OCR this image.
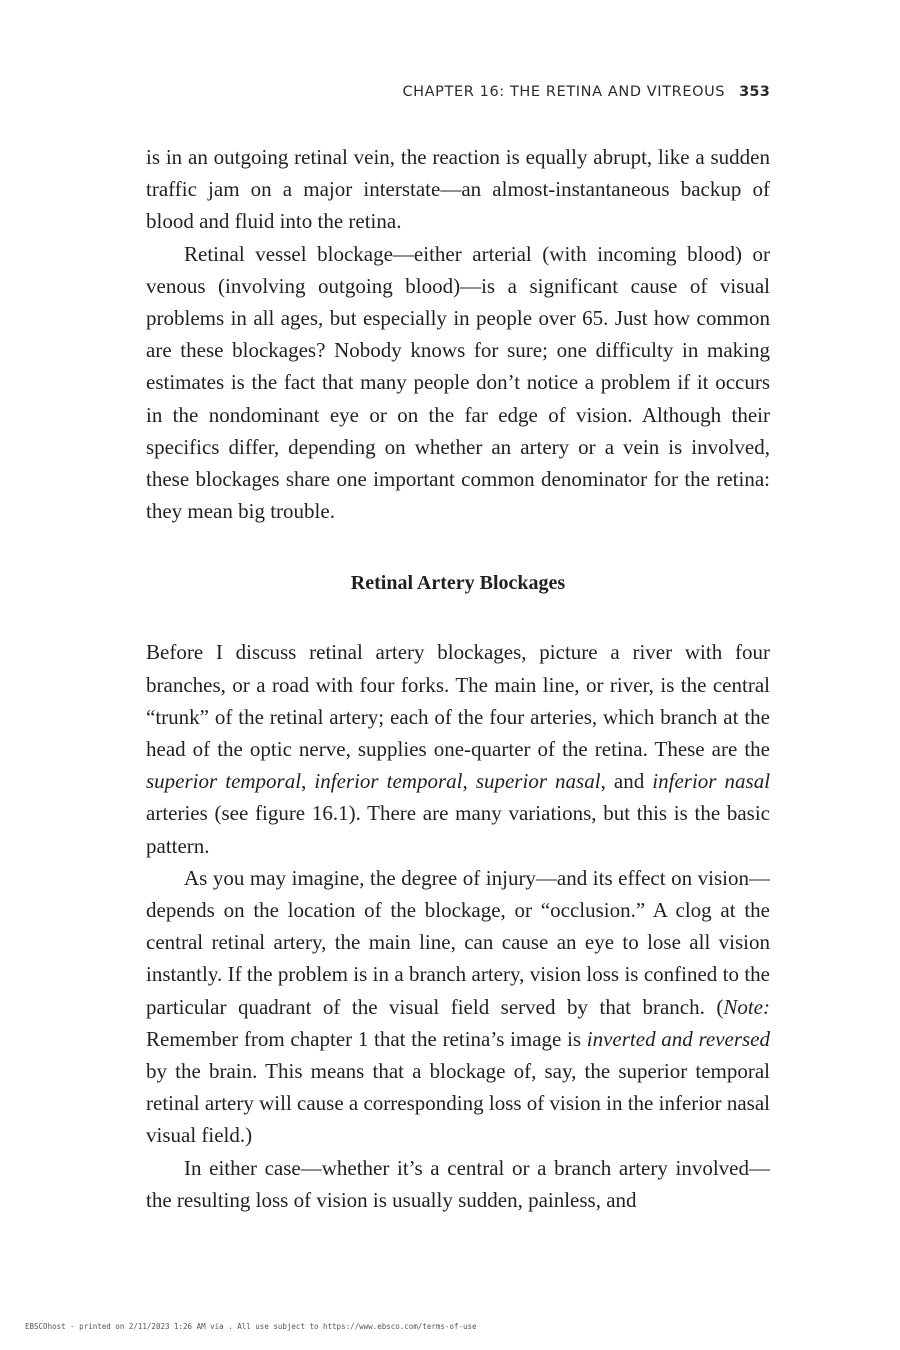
CHAPTER 16: THE RETINA AND VITREOUS 353

is in an outgoing retinal vein, the reaction is equally abrupt, like a sudden traffic jam on a major interstate—an almost-instantaneous backup of blood and fluid into the retina.

Retinal vessel blockage—either arterial (with incoming blood) or venous (involving outgoing blood)—is a significant cause of visual problems in all ages, but especially in people over 65. Just how common are these blockages? Nobody knows for sure; one difficulty in making estimates is the fact that many people don’t notice a problem if it occurs in the nondominant eye or on the far edge of vision. Although their specifics differ, depending on whether an artery or a vein is involved, these blockages share one important common denominator for the retina: they mean big trouble.

Retinal Artery Blockages

Before I discuss retinal artery blockages, picture a river with four branches, or a road with four forks. The main line, or river, is the central “trunk” of the retinal artery; each of the four arteries, which branch at the head of the optic nerve, supplies one-quarter of the retina. These are the superior temporal, inferior temporal, superior nasal, and inferior nasal arteries (see figure 16.1). There are many variations, but this is the basic pattern.

As you may imagine, the degree of injury—and its effect on vision—depends on the location of the blockage, or “occlusion.” A clog at the central retinal artery, the main line, can cause an eye to lose all vision instantly. If the problem is in a branch artery, vision loss is confined to the particular quadrant of the visual field served by that branch. (Note: Remember from chapter 1 that the retina’s image is inverted and reversed by the brain. This means that a blockage of, say, the superior temporal retinal artery will cause a corresponding loss of vision in the inferior nasal visual field.)

In either case—whether it’s a central or a branch artery involved—the resulting loss of vision is usually sudden, painless, and

EBSCOhost - printed on 2/11/2023 1:26 AM via . All use subject to https://www.ebsco.com/terms-of-use
